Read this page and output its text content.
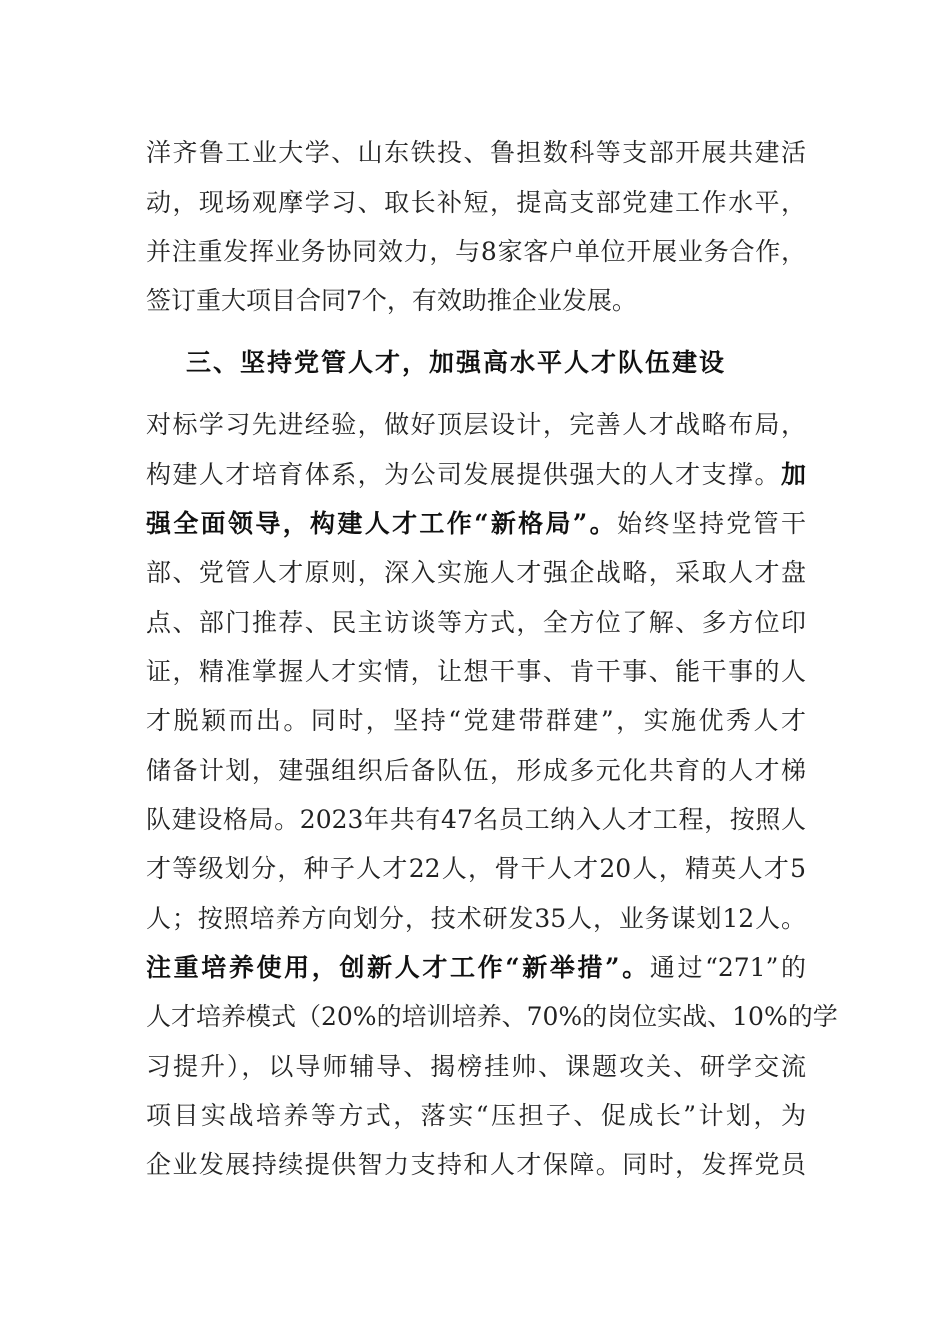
洋齐鲁工业大学、山东铁投、鲁担数科等支部开展共建活
动，现场观摩学习、取长补短，提高支部党建工作水平，
并注重发挥业务协同效力，与8家客户单位开展业务合作，
签订重大项目合同7个，有效助推企业发展。
三、坚持党管人才，加强高水平人才队伍建设
对标学习先进经验，做好顶层设计，完善人才战略布局，
构建人才培育体系，为公司发展提供强大的人才支撑。加
强全面领导，构建人才工作“新格局”。始终坚持党管干
部、党管人才原则，深入实施人才强企战略，采取人才盘
点、部门推荐、民主访谈等方式，全方位了解、多方位印
证，精准掌握人才实情，让想干事、肯干事、能干事的人
才脱颖而出。同时，坚持“党建带群建”，实施优秀人才
储备计划，建强组织后备队伍，形成多元化共育的人才梯
队建设格局。2023年共有47名员工纳入人才工程，按照人
才等级划分，种子人才22人，骨干人才20人，精英人才5
人；按照培养方向划分，技术研发35人，业务谋划12人。
注重培养使用，创新人才工作“新举措”。通过“271”的
人才培养模式（20%的培训培养、70%的岗位实战、10%的学
习提升），以导师辅导、揭榜挂帅、课题攻关、研学交流
项目实战培养等方式，落实“压担子、促成长”计划，为
企业发展持续提供智力支持和人才保障。同时，发挥党员
